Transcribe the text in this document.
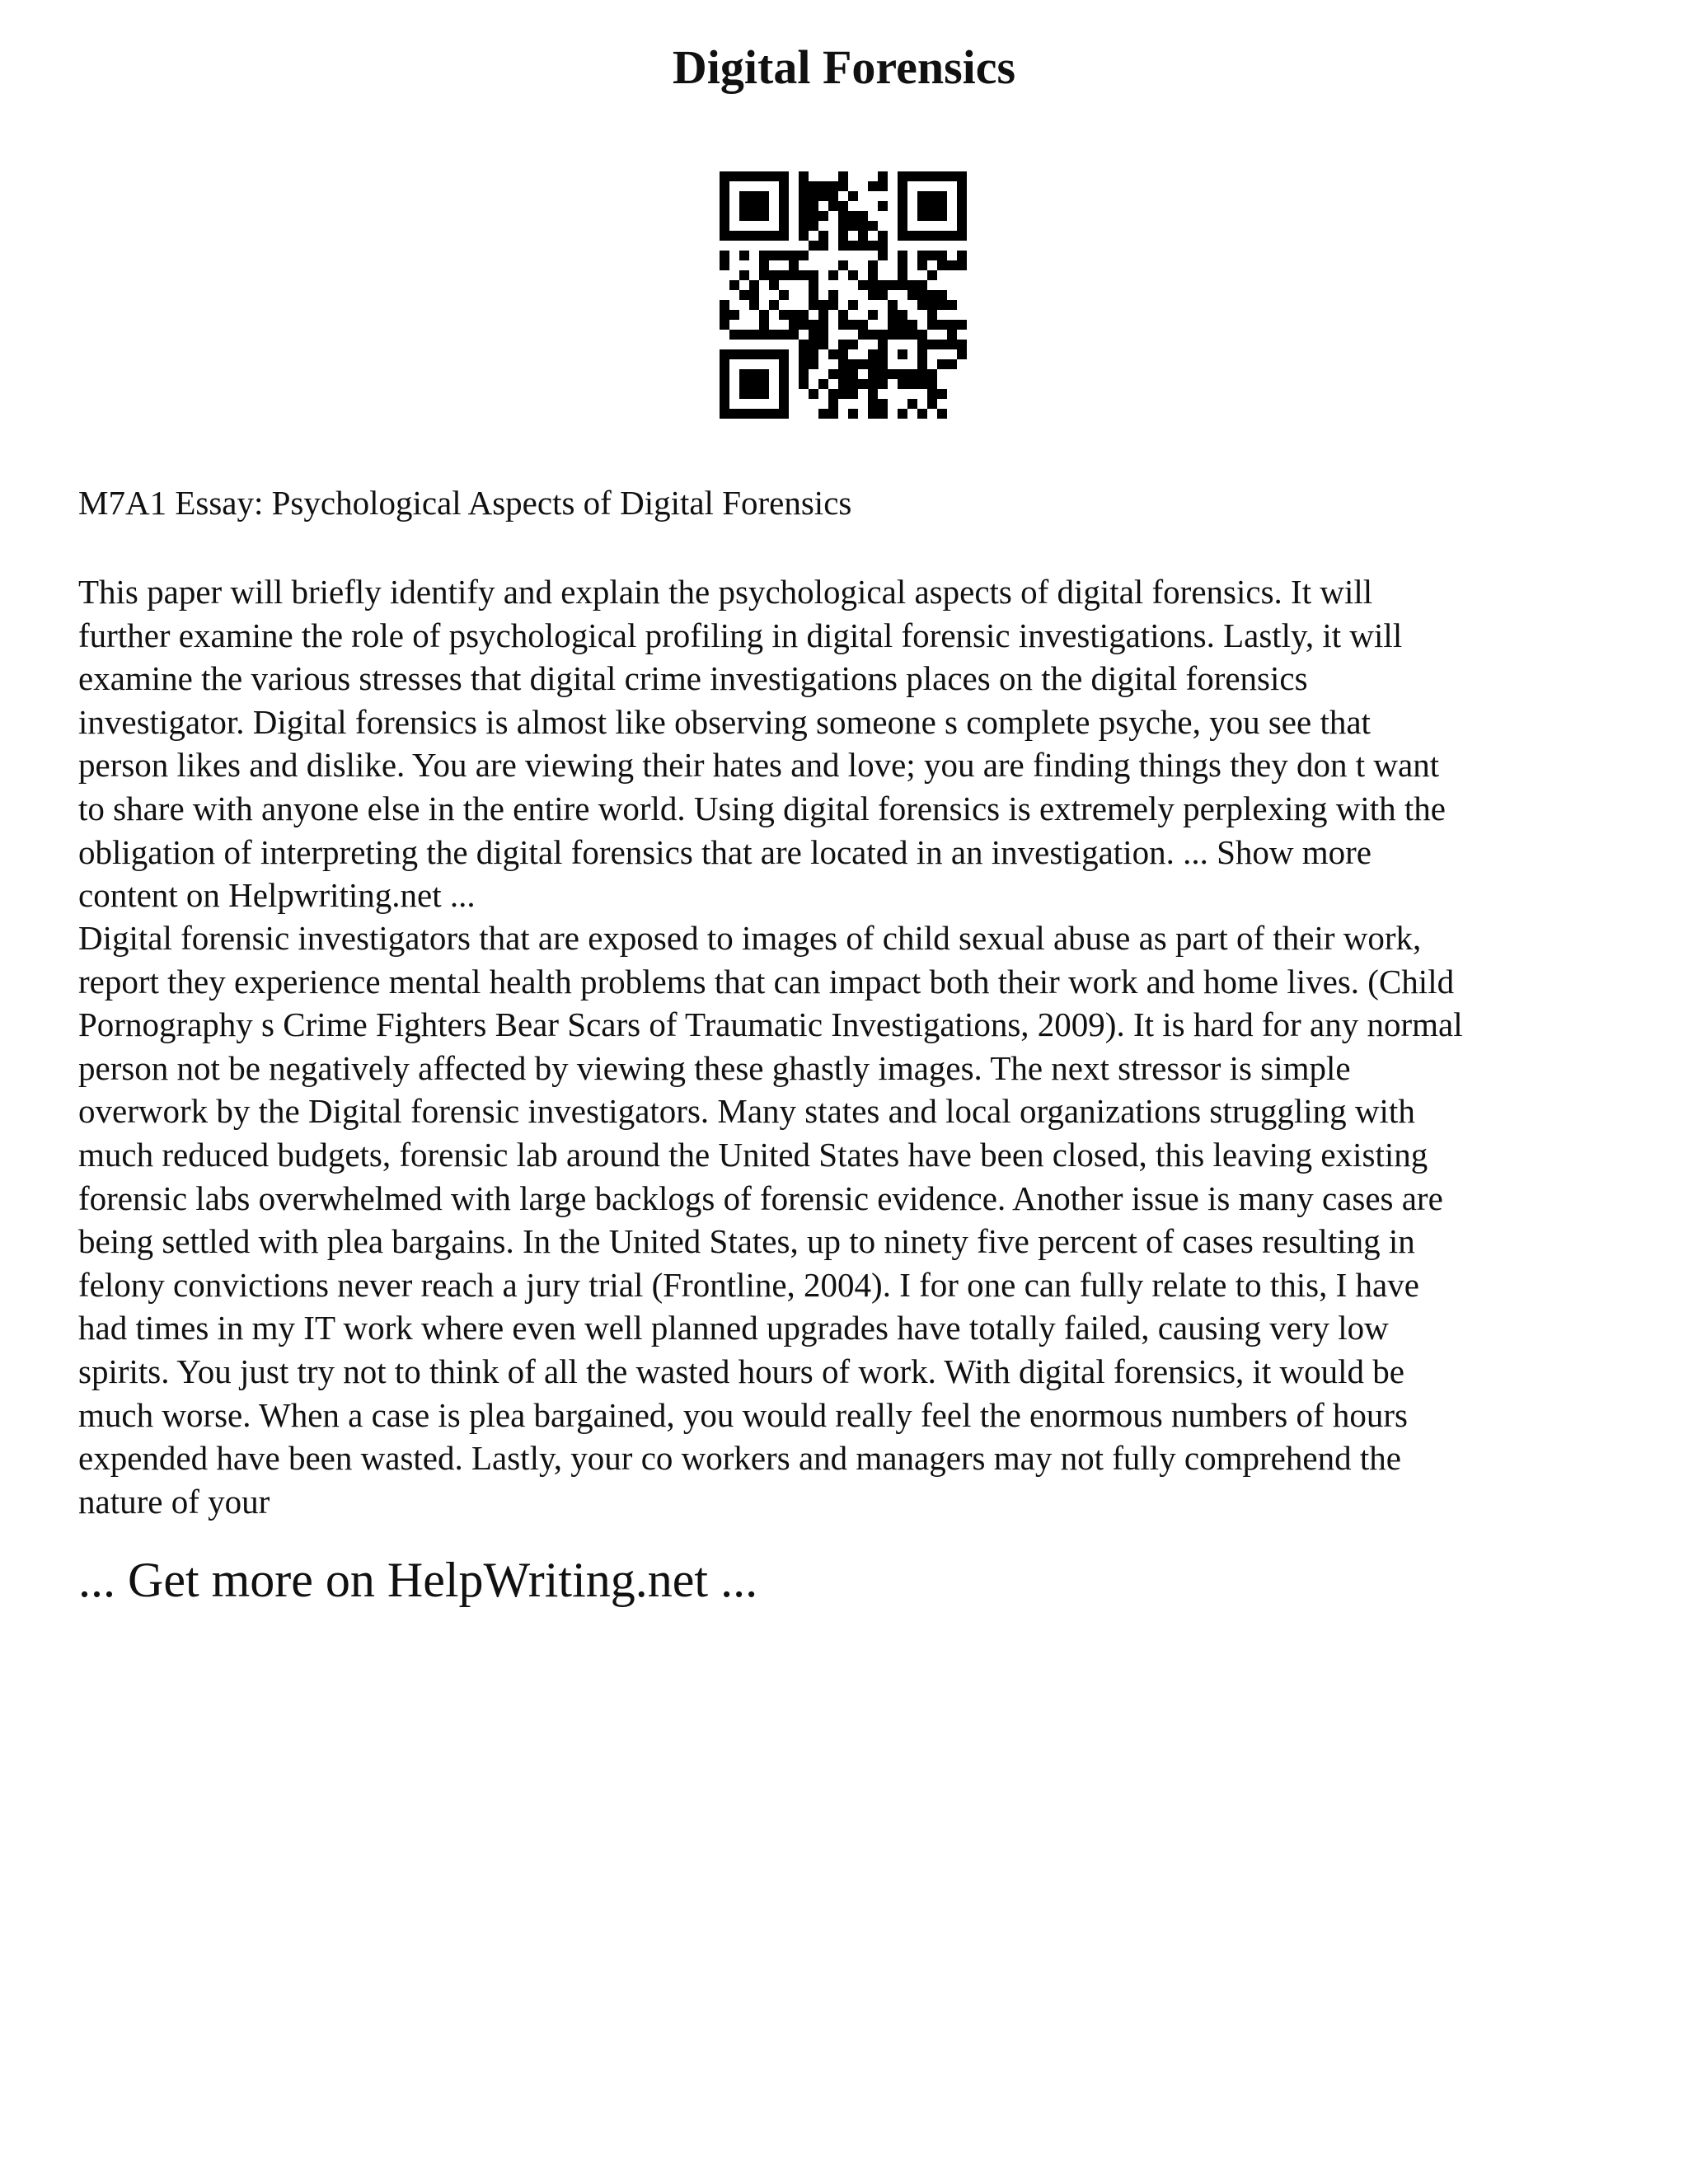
Digital Forensics

M7A1 Essay: Psychological Aspects of Digital Forensics

This paper will briefly identify and explain the psychological aspects of digital forensics. It will
further examine the role of psychological profiling in digital forensic investigations. Lastly, it will
examine the various stresses that digital crime investigations places on the digital forensics
investigator. Digital forensics is almost like observing someone s complete psyche, you see that
person likes and dislike. You are viewing their hates and love; you are finding things they don t want
to share with anyone else in the entire world. Using digital forensics is extremely perplexing with the
obligation of interpreting the digital forensics that are located in an investigation. ... Show more
content on Helpwriting.net ...
Digital forensic investigators that are exposed to images of child sexual abuse as part of their work,
report they experience mental health problems that can impact both their work and home lives. (Child
Pornography s Crime Fighters Bear Scars of Traumatic Investigations, 2009). It is hard for any normal
person not be negatively affected by viewing these ghastly images. The next stressor is simple
overwork by the Digital forensic investigators. Many states and local organizations struggling with
much reduced budgets, forensic lab around the United States have been closed, this leaving existing
forensic labs overwhelmed with large backlogs of forensic evidence. Another issue is many cases are
being settled with plea bargains. In the United States, up to ninety five percent of cases resulting in
felony convictions never reach a jury trial (Frontline, 2004). I for one can fully relate to this, I have
had times in my IT work where even well planned upgrades have totally failed, causing very low
spirits. You just try not to think of all the wasted hours of work. With digital forensics, it would be
much worse. When a case is plea bargained, you would really feel the enormous numbers of hours
expended have been wasted. Lastly, your co workers and managers may not fully comprehend the
nature of your

... Get more on HelpWriting.net ...
